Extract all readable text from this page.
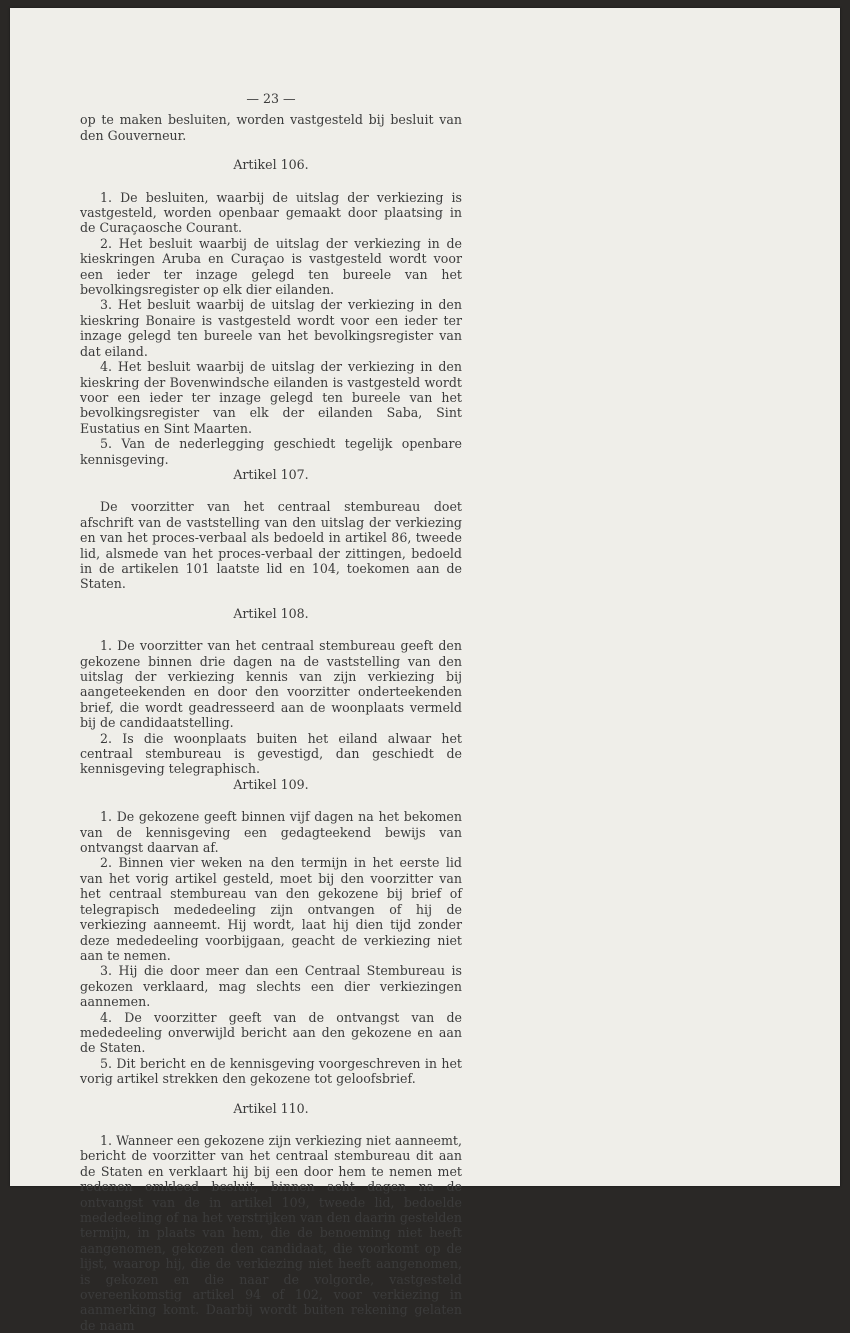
— 23 —

op te maken besluiten, worden vastgesteld bij besluit van den Gouverneur.

Artikel 106.

1. De besluiten, waarbij de uitslag der verkiezing is vastgesteld, worden openbaar gemaakt door plaatsing in de Curaçaosche Courant.

2. Het besluit waarbij de uitslag der verkiezing in de kieskringen Aruba en Curaçao is vastgesteld wordt voor een ieder ter inzage gelegd ten bureele van het bevolkingsregister op elk dier eilanden.

3. Het besluit waarbij de uitslag der verkiezing in den kieskring Bonaire is vastgesteld wordt voor een ieder ter inzage gelegd ten bureele van het bevolkingsregister van dat eiland.

4. Het besluit waarbij de uitslag der verkiezing in den kieskring der Bovenwindsche eilanden is vastgesteld wordt voor een ieder ter inzage gelegd ten bureele van het bevolkingsregister van elk der eilanden Saba, Sint Eustatius en Sint Maarten.

5. Van de nederlegging geschiedt tegelijk openbare kennisgeving.

Artikel 107.

De voorzitter van het centraal stembureau doet afschrift van de vaststelling van den uitslag der verkiezing en van het proces-verbaal als bedoeld in artikel 86, tweede lid, alsmede van het proces-verbaal der zittingen, bedoeld in de artikelen 101 laatste lid en 104, toekomen aan de Staten.

Artikel 108.

1. De voorzitter van het centraal stembureau geeft den gekozene binnen drie dagen na de vaststelling van den uitslag der verkiezing kennis van zijn verkiezing bij aangeteekenden en door den voorzitter onderteekenden brief, die wordt geadresseerd aan de woonplaats vermeld bij de candidaatstelling.

2. Is die woonplaats buiten het eiland alwaar het centraal stembureau is gevestigd, dan geschiedt de kennisgeving telegraphisch.

Artikel 109.

1. De gekozene geeft binnen vijf dagen na het bekomen van de kennisgeving een gedagteekend bewijs van ontvangst daarvan af.

2. Binnen vier weken na den termijn in het eerste lid van het vorig artikel gesteld, moet bij den voorzitter van het centraal stembureau van den gekozene bij brief of telegrapisch mededeeling zijn ontvangen of hij de verkiezing aanneemt. Hij wordt, laat hij dien tijd zonder deze mededeeling voorbijgaan, geacht de verkiezing niet aan te nemen.

3. Hij die door meer dan een Centraal Stembureau is gekozen verklaard, mag slechts een dier verkiezingen aannemen.

4. De voorzitter geeft van de ontvangst van de mededeeling onverwijld bericht aan den gekozene en aan de Staten.

5. Dit bericht en de kennisgeving voorgeschreven in het vorig artikel strekken den gekozene tot geloofsbrief.

Artikel 110.

1. Wanneer een gekozene zijn verkiezing niet aanneemt, bericht de voorzitter van het centraal stembureau dit aan de Staten en verklaart hij bij een door hem te nemen met redenen omkleed besluit, binnen acht dagen na de ontvangst van de in artikel 109, tweede lid, bedoelde mededeeling of na het verstrijken van den daarin gestelden termijn, in plaats van hem, die de benoeming niet heeft aangenomen, gekozen den candidaat, die voorkomt op de lijst, waarop hij, die de verkiezing niet heeft aangenomen, is gekozen en die naar de volgorde, vastgesteld overeenkomstig artikel 94 of 102, voor verkiezing in aanmerking komt. Daarbij wordt buiten rekening gelaten de naam
